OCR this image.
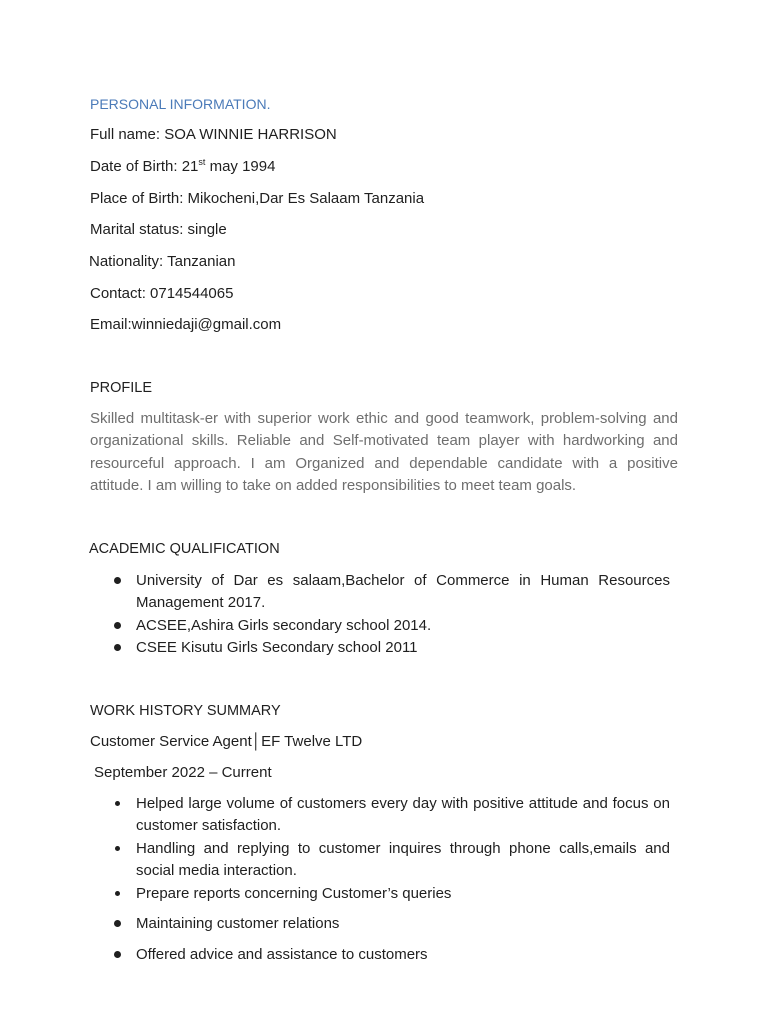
PERSONAL INFORMATION.
Full name: SOA WINNIE HARRISON
Date of Birth: 21st may 1994
Place of Birth: Mikocheni,Dar Es Salaam Tanzania
Marital status: single
Nationality: Tanzanian
Contact: 0714544065
Email:winniedaji@gmail.com
PROFILE
Skilled multitask-er with superior work ethic and good teamwork, problem-solving and organizational skills. Reliable and Self-motivated team player with hardworking and resourceful approach. I am Organized and dependable candidate with a positive attitude. I am willing to take on added responsibilities to meet team goals.
ACADEMIC QUALIFICATION
University of Dar es salaam,Bachelor of Commerce in Human Resources Management 2017.
ACSEE,Ashira Girls secondary school 2014.
CSEE Kisutu Girls Secondary school 2011
WORK HISTORY SUMMARY
Customer Service Agent│EF Twelve LTD
September 2022 – Current
Helped large volume of customers every day with positive attitude and focus on customer satisfaction.
Handling and replying to customer inquires through phone calls,emails and social media interaction.
Prepare reports concerning Customer’s queries
Maintaining customer relations
Offered advice and assistance to customers
